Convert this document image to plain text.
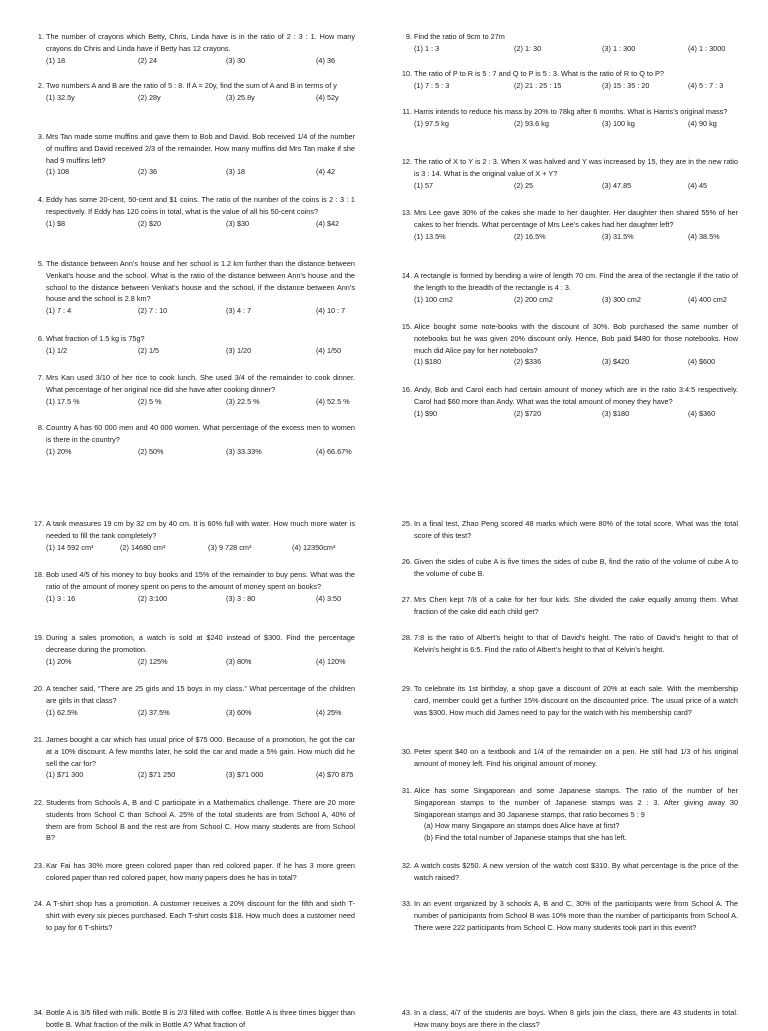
1. The number of crayons which Betty, Chris, Linda have is in the ratio of 2 : 3 : 1. How many crayons do Chris and Linda have if Betty has 12 crayons.
(1) 18	(2) 24	(3) 30	(4) 36
2. Two numbers A and B are the ratio of 5 : 8. If A = 20y, find the sum of A and B in terms of y
(1) 32.5y	(2) 28y	(3) 25.8y	(4) 52y
3. Mrs Tan made some muffins and gave them to Bob and David. Bob received 1/4 of the number of muffins and David received 2/3 of the remainder. How many muffins did Mrs Tan make if she had 9 muffins left?
(1) 108	(2) 36	(3) 18	(4) 42
4. Eddy has some 20-cent, 50-cent and $1 coins. The ratio of the number of the coins is 2 : 3 : 1 respectively. If Eddy has 120 coins in total, what is the value of all his 50-cent coins?
(1) $8	(2) $20	(3) $30	(4) $42
5. The distance between Ann’s house and her school is 1.2 km further than the distance between Venkat’s house and the school. What is the ratio of the distance between Ann’s house and the school to the distance between Venkat’s house and the school, if the distance between Ann’s house and the school is 2.8 km?
(1) 7 : 4	(2) 7 : 10	(3) 4 : 7	(4) 10 : 7
6. What fraction of 1.5 kg is 75g?
(1) 1/2	(2) 1/5	(3) 1/20	(4) 1/50
7. Mrs Kan used 3/10 of her rice to cook lunch. She used 3/4 of the remainder to cook dinner. What percentage of her original rice did she have after cooking dinner?
(1) 17.5 %	(2) 5 %	(3) 22.5 %	(4) 52.5 %
8. Country A has 60 000 men and 40 000 women. What percentage of the excess men to women is there in the country?
(1) 20%	(2) 50%	(3) 33.33%	(4) 66.67%
9. Find the ratio of 9cm to 27m
(1) 1 : 3	(2) 1: 30	(3) 1 : 300	(4) 1 : 3000
10. The ratio of P to R is 5 : 7 and Q to P is 5 : 3. What is the ratio of R to Q to P?
(1) 7 : 5 : 3	(2) 21 : 25 : 15	(3) 15 : 35 : 20	(4) 5 : 7 : 3
11. Harris intends to reduce his mass by 20% to 78kg after 6 months. What is Harris’s original mass?
(1) 97.5 kg	(2) 93.6 kg	(3) 100 kg	(4) 90 kg
12. The ratio of X to Y is 2 : 3. When X was halved and Y was increased by 15, they are in the new ratio is 3 : 14. What is the original value of X + Y?
(1) 57	(2) 25	(3) 47.85	(4) 45
13. Mrs Lee gave 30% of the cakes she made to her daughter. Her daughter then shared 55% of her cakes to her friends. What percentage of Mrs Lee’s cakes had her daughter left?
(1) 13.5%	(2) 16.5%	(3) 31.5%	(4) 38.5%
14. A rectangle is formed by bending a wire of length 70 cm. Find the area of the rectangle if the ratio of the length to the breadth of the rectangle is 4 : 3.
(1) 100 cm2	(2) 200 cm2	(3) 300 cm2	(4) 400 cm2
15. Alice bought some note-books with the discount of 30%. Bob purchased the same number of notebooks but he was given 20% discount only. Hence, Bob paid $480 for those notebooks. How much did Alice pay for her notebooks?
(1) $180	(2) $336	(3) $420	(4) $600
16. Andy, Bob and Carol each had certain amount of money which are in the ratio 3:4:5 respectively. Carol had $60 more than Andy. What was the total amount of money they have?
(1) $90	(2) $720	(3) $180	(4) $360
17. A tank measures 19 cm by 32 cm by 40 cm. It is 60% full with water. How much more water is needed to fill the tank completely?
(1) 14 592 cm³	(2) 14680 cm³	(3) 9 728 cm³	(4) 12350cm³
18. Bob used 4/5 of his money to buy books and 15% of the remainder to buy pens. What was the ratio of the amount of money spent on pens to the amount of money spent on books?
(1) 3 : 16	(2) 3:100	(3) 3 : 80	(4) 3:50
19. During a sales promotion, a watch is sold at $240 instead of $300. Find the percentage decrease during the promotion.
(1) 20%	(2) 125%	(3) 80%	(4) 120%
20. A teacher said, “There are 25 girls and 15 boys in my class.” What percentage of the children are girls in that class?
(1) 62.5%	(2) 37.5%	(3) 60%	(4) 25%
21. James bought a car which has usual price of $75 000. Because of a promotion, he got the car at a 10% discount. A few months later, he sold the car and made a 5% gain. How much did he sell the car for?
(1) $71 300	(2) $71 250	(3) $71 000	(4) $70 875
22. Students from Schools A, B and C participate in a Mathematics challenge. There are 20 more students from School C than School A. 25% of the total students are from School A, 40% of them are from School B and the rest are from School C. How many students are from School B?
23. Kar Fai has 30% more green colored paper than red colored paper. If he has 3 more green colored paper than red colored paper, how many papers does he has in total?
24. A T-shirt shop has a promotion. A customer receives a 20% discount for the fifth and sixth T-shirt with every six pieces purchased. Each T-shirt costs $18. How much does a customer need to pay for 6 T-shirts?
34. Bottle A is 3/5 filled with milk. Bottle B is 2/3 filled with coffee. Bottle A is three times bigger than bottle B. What fraction of the milk in Bottle A? What fraction of
25. In a final test, Zhao Peng scored 48 marks which were 80% of the total score. What was the total score of this test?
26. Given the sides of cube A is five times the sides of cube B, find the ratio of the volume of cube A to the volume of cube B.
27. Mrs Chen kept 7/8 of a cake for her four kids. She divided the cake equally among them. What fraction of the cake did each child get?
28. 7:8 is the ratio of Albert’s height to that of David’s height. The ratio of David’s height to that of Kelvin’s height is 6:5. Find the ratio of Albert’s height to that of Kelvin’s height.
29. To celebrate its 1st birthday, a shop gave a discount of 20% at each sale. With the membership card, member could get a further 15% discount on the discounted price. The usual price of a watch was $300. How much did James need to pay for the watch with his membership card?
30. Peter spent $40 on a textbook and 1/4 of the remainder on a pen. He still had 1/3 of his original amount of money left. Find his original amount of money.
31. Alice has some Singaporean and some Japanese stamps. The ratio of the number of her Singaporean stamps to the number of Japanese stamps was 2 : 3. After giving away 30 Singaporean stamps and 30 Japanese stamps, that ratio becomes 5 : 9
(a) How many Singapore an stamps does Alice have at first?
(b) Find the total number of Japanese stamps that she has left.
32. A watch costs $250. A new version of the watch cost $310. By what percentage is the price of the watch raised?
33. In an event organized by 3 schools A, B and C, 30% of the participants were from School A. The number of participants from School B was 10% more than the number of participants from School A. There were 222 participants from School C. How many students took part in this event?
43. In a class, 4/7 of the students are boys. When 8 girls join the class, there are 43 students in total. How many boys are there in the class?
